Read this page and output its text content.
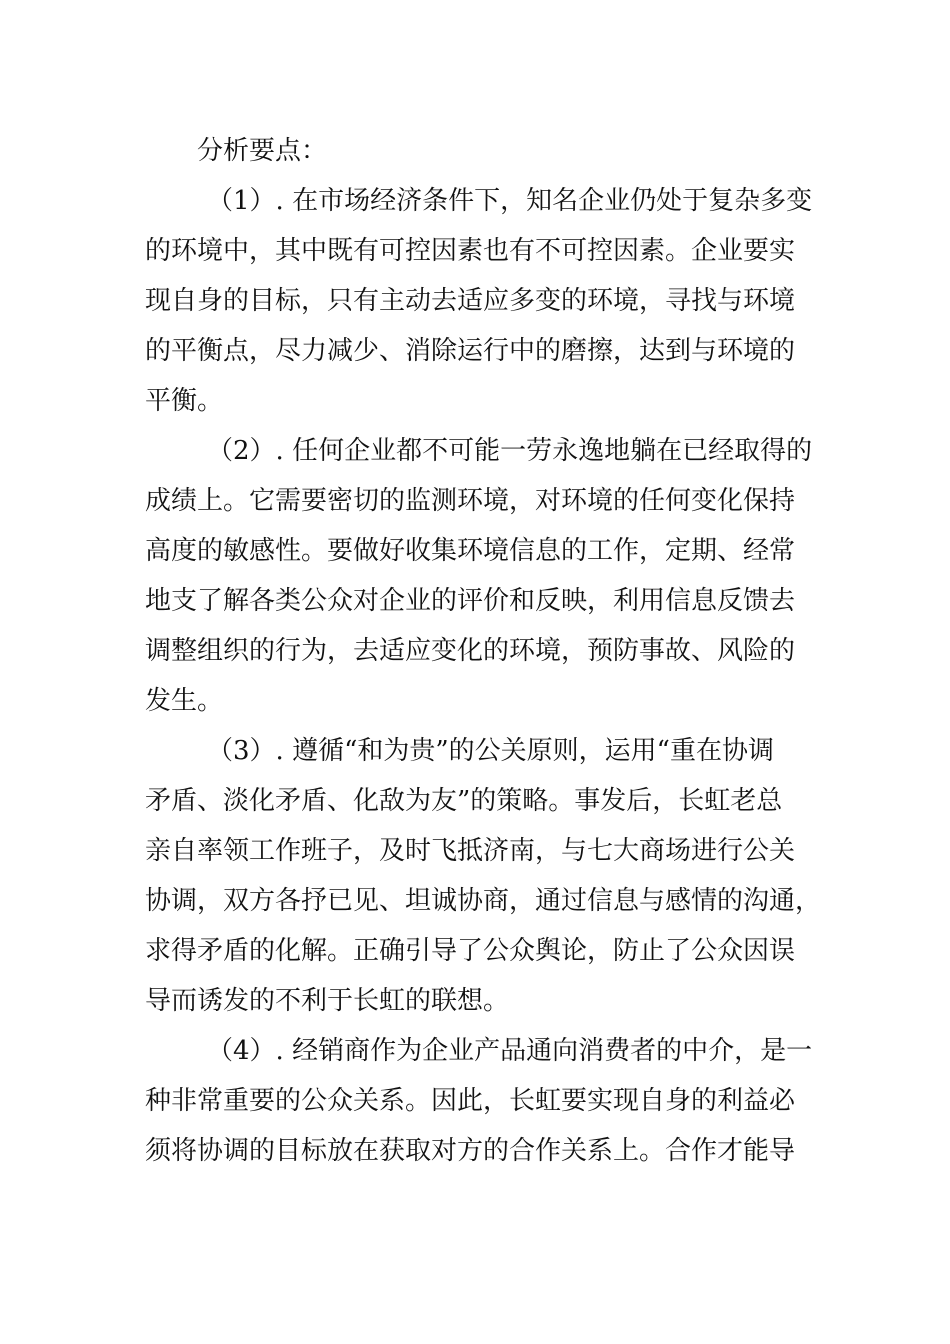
分析要点：
（1）. 在市场经济条件下，知名企业仍处于复杂多变
的环境中，其中既有可控因素也有不可控因素。企业要实
现自身的目标，只有主动去适应多变的环境，寻找与环境
的平衡点，尽力减少、消除运行中的磨擦，达到与环境的
平衡。
（2）. 任何企业都不可能一劳永逸地躺在已经取得的
成绩上。它需要密切的监测环境，对环境的任何变化保持
高度的敏感性。要做好收集环境信息的工作，定期、经常
地支了解各类公众对企业的评价和反映，利用信息反馈去
调整组织的行为，去适应变化的环境，预防事故、风险的
发生。
（3）. 遵循“和为贵”的公关原则，运用“重在协调
矛盾、淡化矛盾、化敌为友”的策略。事发后，长虹老总
亲自率领工作班子，及时飞抵济南，与七大商场进行公关
协调，双方各抒已见、坦诚协商，通过信息与感情的沟通，
求得矛盾的化解。正确引导了公众舆论，防止了公众因误
导而诱发的不利于长虹的联想。
（4）. 经销商作为企业产品通向消费者的中介，是一
种非常重要的公众关系。因此，长虹要实现自身的利益必
须将协调的目标放在获取对方的合作关系上。合作才能导
